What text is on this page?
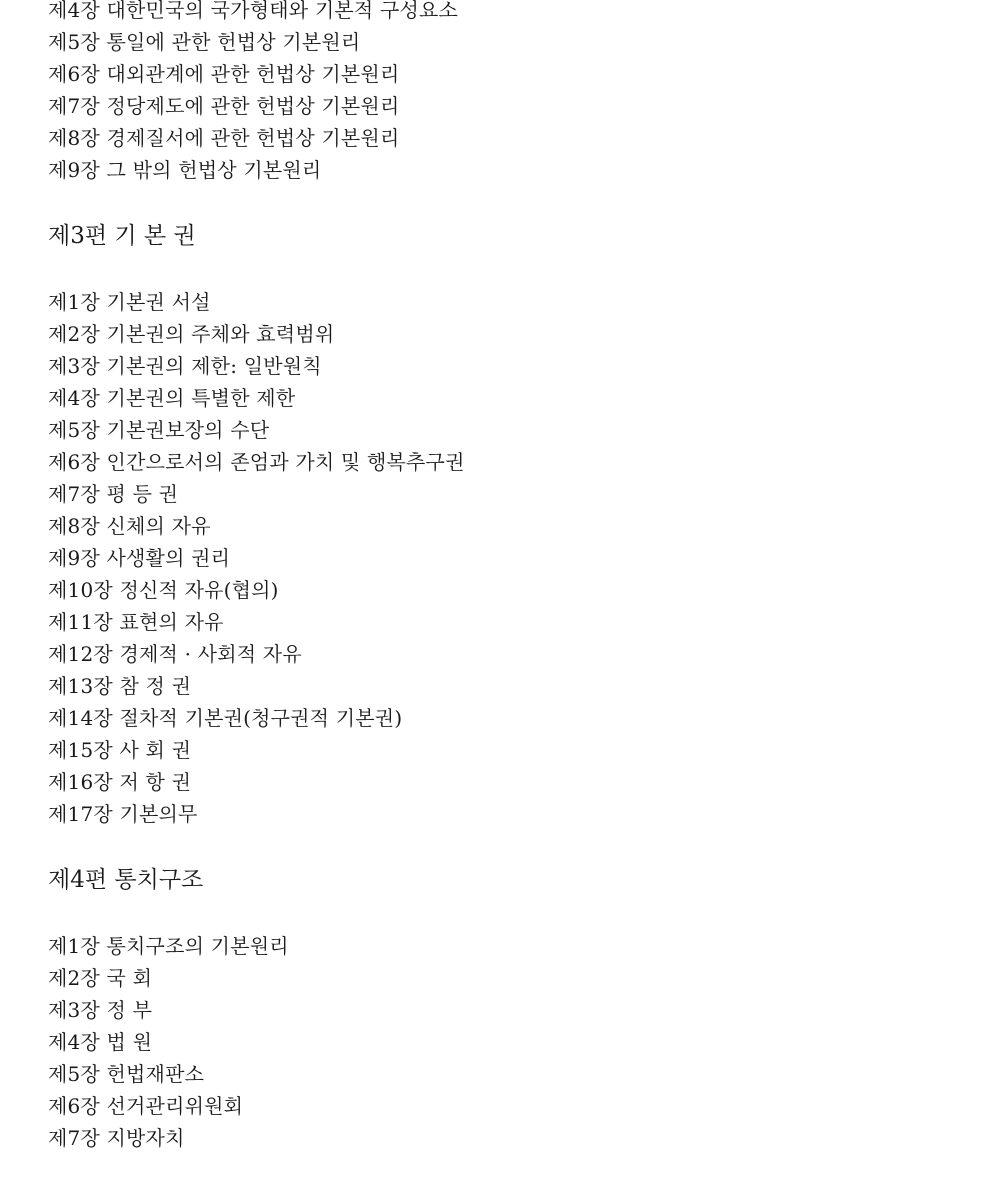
제4장 대한민국의 국가형태와 기본적 구성요소
제5장 통일에 관한 헌법상 기본원리
제6장 대외관계에 관한 헌법상 기본원리
제7장 정당제도에 관한 헌법상 기본원리
제8장 경제질서에 관한 헌법상 기본원리
제9장 그 밖의 헌법상 기본원리
제3편 기 본 권
제1장 기본권 서설
제2장 기본권의 주체와 효력범위
제3장 기본권의 제한: 일반원칙
제4장 기본권의 특별한 제한
제5장 기본권보장의 수단
제6장 인간으로서의 존엄과 가치 및 행복추구권
제7장 평 등 권
제8장 신체의 자유
제9장 사생활의 권리
제10장 정신적 자유(협의)
제11장 표현의 자유
제12장 경제적 · 사회적 자유
제13장 참 정 권
제14장 절차적 기본권(청구권적 기본권)
제15장 사 회 권
제16장 저 항 권
제17장 기본의무
제4편 통치구조
제1장 통치구조의 기본원리
제2장 국 회
제3장 정 부
제4장 법 원
제5장 헌법재판소
제6장 선거관리위원회
제7장 지방자치
